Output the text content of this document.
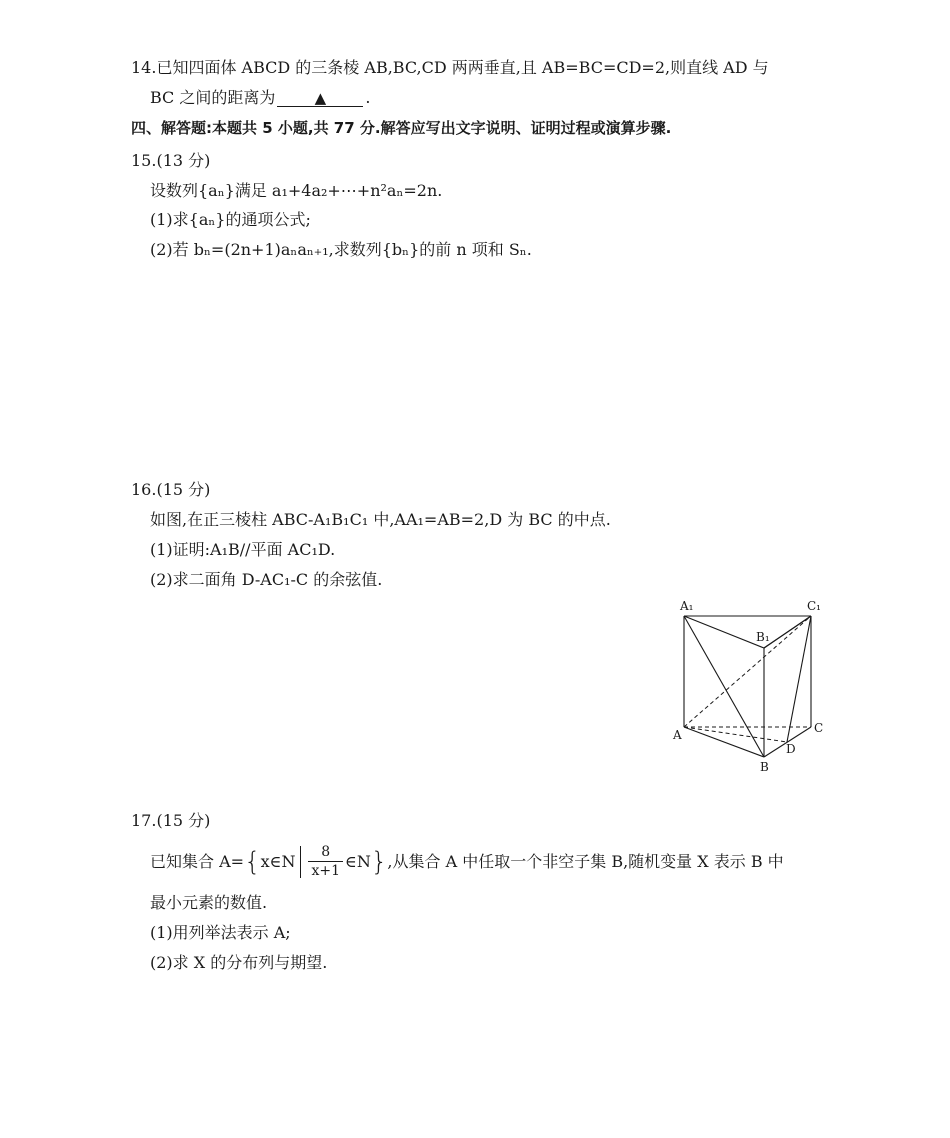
14.已知四面体 ABCD 的三条棱 AB,BC,CD 两两垂直,且 AB=BC=CD=2,则直线 AD 与
BC 之间的距离为	▲ .
四、解答题:本题共 5 小题,共 77 分.解答应写出文字说明、证明过程或演算步骤.
15.(13 分)
设数列{aₙ}满足 a₁+4a₂+⋯+n²aₙ=2n.
(1)求{aₙ}的通项公式;
(2)若 bₙ=(2n+1)aₙaₙ₊₁,求数列{bₙ}的前 n 项和 Sₙ.
16.(15 分)
如图,在正三棱柱 ABC-A₁B₁C₁ 中,AA₁=AB=2,D 为 BC 的中点.
(1)证明:A₁B//平面 AC₁D.
(2)求二面角 D-AC₁-C 的余弦值.
A₁	C₁
B₁
A	C
D
B
17.(15 分)
已知集合 A= { x∈N $\frac{8}{x+1}$ ∈N } ,从集合 A 中任取一个非空子集 B,随机变量 X 表示 B 中
最小元素的数值.
(1)用列举法表示 A;
(2)求 X 的分布列与期望.
